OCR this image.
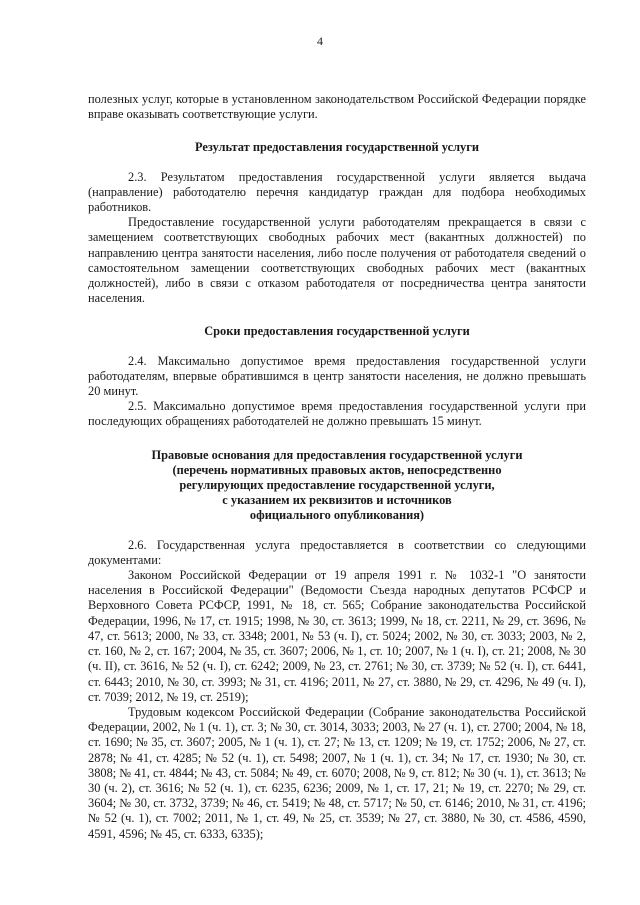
4

полезных услуг, которые в установленном законодательством Российской Федерации порядке вправе оказывать соответствующие услуги.

Результат предоставления государственной услуги

2.3. Результатом предоставления государственной услуги является выдача (направление) работодателю перечня кандидатур граждан для подбора необходимых работников.

Предоставление государственной услуги работодателям прекращается в связи с замещением соответствующих свободных рабочих мест (вакантных должностей) по направлению центра занятости населения, либо после получения от работодателя сведений о самостоятельном замещении соответствующих свободных рабочих мест (вакантных должностей), либо в связи с отказом работодателя от посредничества центра занятости населения.

Сроки предоставления государственной услуги

2.4. Максимально допустимое время предоставления государственной услуги работодателям, впервые обратившимся в центр занятости населения, не должно превышать 20 минут.

2.5. Максимально допустимое время предоставления государственной услуги при последующих обращениях работодателей не должно превышать 15 минут.

Правовые основания для предоставления государственной услуги
(перечень нормативных правовых актов, непосредственно
регулирующих предоставление государственной услуги,
с указанием их реквизитов и источников
официального опубликования)

2.6. Государственная услуга предоставляется в соответствии со следующими документами:

Законом Российской Федерации от 19 апреля 1991 г. № 1032-1 "О занятости населения в Российской Федерации" (Ведомости Съезда народных депутатов РСФСР и Верховного Совета РСФСР, 1991, № 18, ст. 565; Собрание законодательства Российской Федерации, 1996, № 17, ст. 1915; 1998, № 30, ст. 3613; 1999, № 18, ст. 2211, № 29, ст. 3696, № 47, ст. 5613; 2000, № 33, ст. 3348; 2001, № 53 (ч. I), ст. 5024; 2002, № 30, ст. 3033; 2003, № 2, ст. 160, № 2, ст. 167; 2004, № 35, ст. 3607; 2006, № 1, ст. 10; 2007, № 1 (ч. I), ст. 21; 2008, № 30 (ч. II), ст. 3616, № 52 (ч. I), ст. 6242; 2009, № 23, ст. 2761; № 30, ст. 3739; № 52 (ч. I), ст. 6441, ст. 6443; 2010, № 30, ст. 3993; № 31, ст. 4196; 2011, № 27, ст. 3880, № 29, ст. 4296, № 49 (ч. I), ст. 7039; 2012, № 19, ст. 2519);

Трудовым кодексом Российской Федерации (Собрание законодательства Российской Федерации, 2002, № 1 (ч. 1), ст. 3; № 30, ст. 3014, 3033; 2003, № 27 (ч. 1), ст. 2700; 2004, № 18, ст. 1690; № 35, ст. 3607; 2005, № 1 (ч. 1), ст. 27; № 13, ст. 1209; № 19, ст. 1752; 2006, № 27, ст. 2878; № 41, ст. 4285; № 52 (ч. 1), ст. 5498; 2007, № 1 (ч. 1), ст. 34; № 17, ст. 1930; № 30, ст. 3808; № 41, ст. 4844; № 43, ст. 5084; № 49, ст. 6070; 2008, № 9, ст. 812; № 30 (ч. 1), ст. 3613; № 30 (ч. 2), ст. 3616; № 52 (ч. 1), ст. 6235, 6236; 2009, № 1, ст. 17, 21; № 19, ст. 2270; № 29, ст. 3604; № 30, ст. 3732, 3739; № 46, ст. 5419; № 48, ст. 5717; № 50, ст. 6146; 2010, № 31, ст. 4196; № 52 (ч. 1), ст. 7002; 2011, № 1, ст. 49, № 25, ст. 3539; № 27, ст. 3880, № 30, ст. 4586, 4590, 4591, 4596; № 45, ст. 6333, 6335);
